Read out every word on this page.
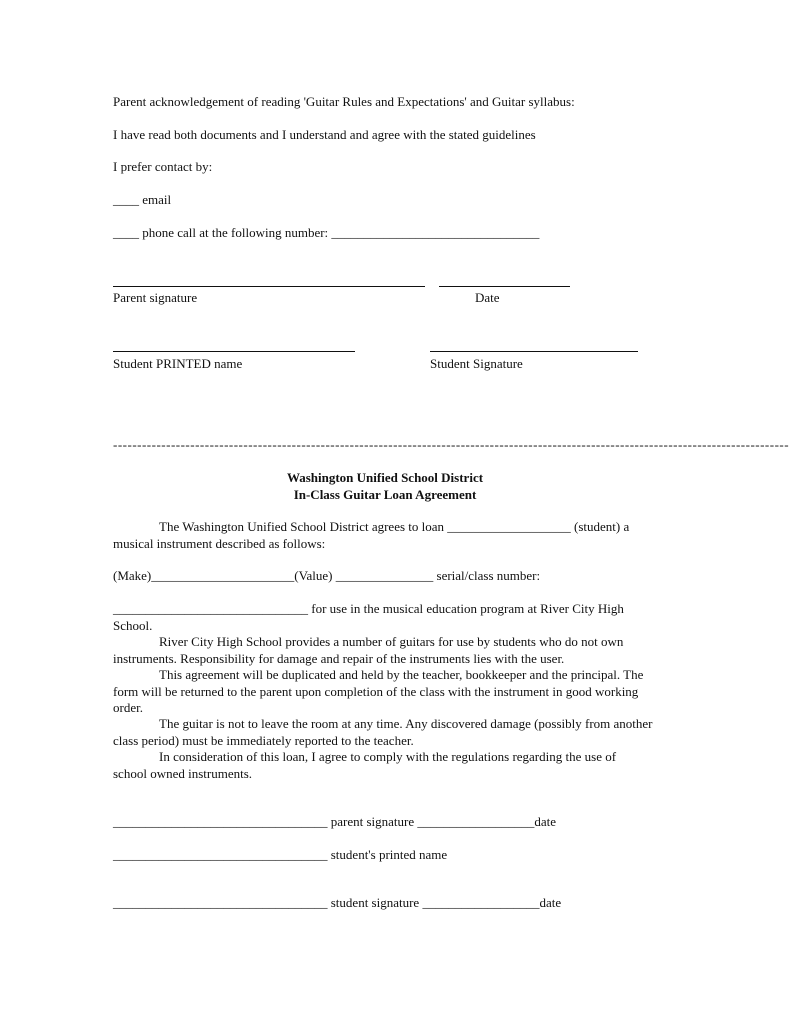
Parent acknowledgement of reading 'Guitar Rules and Expectations' and Guitar syllabus:
I have read both documents and I understand and agree with the stated guidelines
I prefer contact by:
____ email
____ phone call at the following number: ________________________________
Parent signature	Date
Student PRINTED name	Student Signature
--------------------------------------------------------------------------------------------------------------------------------------------
Washington Unified School District
In-Class Guitar Loan Agreement
The Washington Unified School District agrees to loan ___________________ (student) a musical instrument described as follows:
(Make)______________________(Value) _______________ serial/class number:
______________________________ for use in the musical education program at River City High School.
River City High School provides a number of guitars for use by students who do not own instruments. Responsibility for damage and repair of the instruments lies with the user.
This agreement will be duplicated and held by the teacher, bookkeeper and the principal. The form will be returned to the parent upon completion of the class with the instrument in good working order.
The guitar is not to leave the room at any time. Any discovered damage (possibly from another class period) must be immediately reported to the teacher.
In consideration of this loan, I agree to comply with the regulations regarding the use of school owned instruments.
_________________________________ parent signature __________________date
_________________________________ student's printed name
_________________________________ student signature __________________date
